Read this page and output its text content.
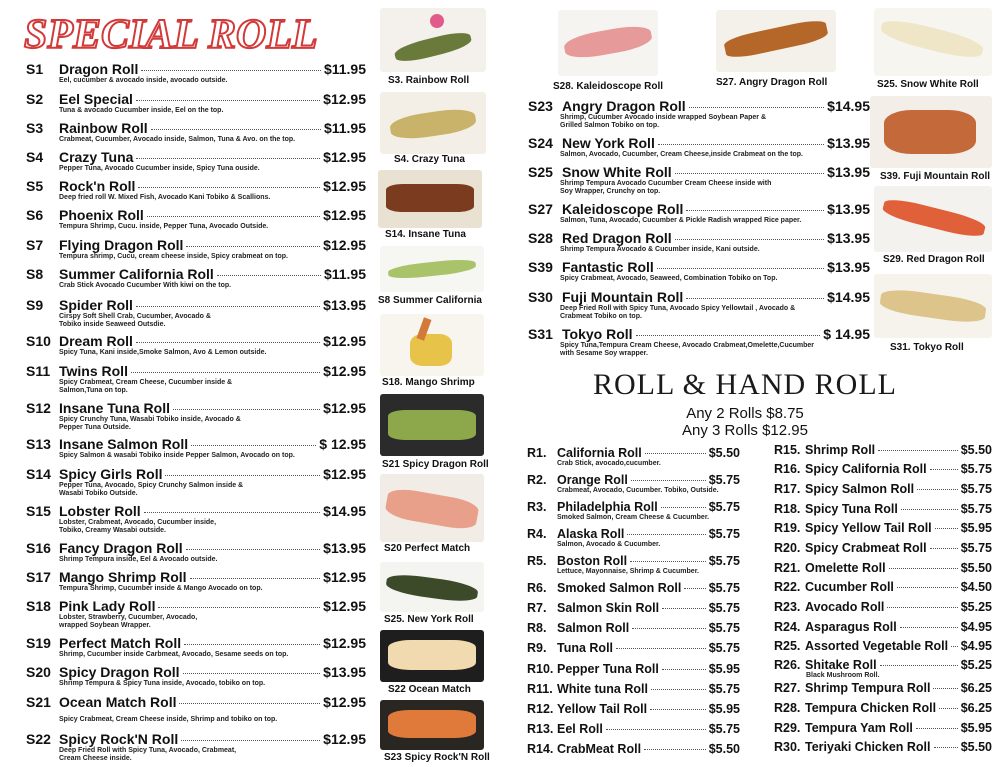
SPECIAL ROLL
S1	Dragon Roll	$11.95
Eel, cucumber & avocado inside, avocado outside.
S2	Eel Special	$12.95
Tuna & avocado Cucumber inside, Eel on the top.
S3	Rainbow Roll	$11.95
Crabmeat, Cucumber, Avocado inside, Salmon, Tuna & Avo. on the top.
S4	Crazy Tuna	$12.95
Pepper Tuna, Avocado Cucumber inside, Spicy Tuna ouside.
S5	Rock'n Roll	$12.95
Deep fried roll W. Mixed Fish, Avocado Kani Tobiko & Scallions.
S6	Phoenix Roll	$12.95
Tempura Shrimp, Cucu. inside, Pepper Tuna, Avocado Outside.
S7	Flying Dragon Roll	$12.95
Tempura shrimp, Cucu, cream cheese inside, Spicy crabmeat on top.
S8	Summer California Roll	$11.95
Crab Stick Avocado Cucumber With kiwi on the top.
S9	Spider Roll	$13.95
Cirspy Soft Shell Crab, Cucumber, Avocado &
Tobiko inside Seaweed Outsdie.
S10 Dream Roll	$12.95
Spicy Tuna, Kani inside,Smoke Salmon, Avo & Lemon outside.
S11 Twins Roll	$12.95
Spicy Crabmeat, Cream Cheese, Cucumber inside &
Salmon,Tuna on top.
S12 Insane Tuna Roll	$12.95
Spicy Crunchy Tuna, Wasabi Tobiko inside, Avocado &
Pepper Tuna Outside.
S13 Insane Salmon Roll	$ 12.95
Spicy Salmon & wasabi Tobiko inside Pepper Salmon, Avocado on top.
S14 Spicy Girls Roll	$12.95
Pepper Tuna, Avocado, Spicy Crunchy Salmon inside &
Wasabi Tobiko Outside.
S15 Lobster Roll	$14.95
Lobster, Crabmeat, Avocado, Cucumber inside,
Tobiko, Creamy Wasabi outside.
S16 Fancy Dragon Roll	$13.95
Shrimp Tempura inside, Eel & Avocado outside.
S17 Mango Shrimp Roll	$12.95
Tempura Shrimp, Cucumber inside & Mango Avocado on top.
S18 Pink Lady Roll	$12.95
Lobster, Strawberry, Cucumber, Avocado,
wrapped Soybean Wrapper.
S19 Perfect Match Roll	$12.95
Shrimp, Cucumber inside Carbmeat, Avocado, Sesame seeds on top.
S20 Spicy Dragon Roll	$13.95
Shrimp Tempura & Spicy Tuna inside, Avocado, tobiko on top.
S21 Ocean Match Roll	$12.95
Spicy Crabmeat, Cream Cheese inside, Shrimp and tobiko on top.
S22 Spicy Rock'N Roll	$12.95
Deep Fried Roll with Spicy Tuna, Avocado, Crabmeat,
Cream Cheese inside.
S3. Rainbow Roll
S4. Crazy Tuna
S14. Insane Tuna
S8 Summer California
S18. Mango Shrimp
S21 Spicy Dragon Roll
S20 Perfect Match
S25. New York Roll
S22 Ocean Match
S23 Spicy Rock'N Roll
S28. Kaleidoscope Roll	S27. Angry Dragon Roll	S25. Snow White Roll
S39. Fuji Mountain Roll
S29. Red Dragon Roll
S31. Tokyo Roll
S23 Angry Dragon Roll	$14.95
Shrimp, Cucumber Avocado inside wrapped Soybean Paper &
Grilled Salmon Tobiko on top.
S24 New York Roll	$13.95
Salmon, Avocado, Cucumber, Cream Cheese,inside Crabmeat on the top.
S25 Snow White Roll	$13.95
Shrimp Tempura Avocado Cucumber Cream Cheese inside with
Soy Wrapper, Crunchy on top.
S27 Kaleidoscope Roll	$13.95
Salmon, Tuna, Avocado, Cucumber & Pickle Radish wrapped Rice paper.
S28 Red Dragon Roll	$13.95
Shrimp Tempura Avocado & Cucumber inside, Kani outside.
S39 Fantastic Roll	$13.95
Spicy Crabmeat, Avocado, Seaweed, Combination Tobiko on Top.
S30 Fuji Mountain Roll	$14.95
Deep Fried Roll with Spicy Tuna, Avocado Spicy Yellowtail , Avocado &
Crabmeat Tobiko on top.
S31 Tokyo Roll	$ 14.95
Spicy Tuna,Tempura Cream Cheese, Avocado Crabmeat,Omelette,Cucumber
with Sesame Soy wrapper.
ROLL & HAND ROLL
Any 2 Rolls $8.75
Any 3 Rolls $12.95
R1. California Roll	$5.50
Crab Stick, avocado,cucumber.
R2. Orange Roll	$5.75
Crabmeat, Avocado, Cucumber. Tobiko, Outside.
R3. Philadelphia Roll	$5.75
Smoked Salmon, Cream Cheese & Cucumber.
R4. Alaska Roll	$5.75
Salmon, Avocado & Cucumber.
R5. Boston Roll	$5.75
Lettuce, Mayonnaise, Shrimp & Cucumber.
R6. Smoked Salmon Roll $5.75
R7. Salmon Skin Roll	$5.75
R8. Salmon Roll	$5.75
R9. Tuna Roll	$5.75
R10. Pepper Tuna Roll	$5.95
R11. White tuna Roll	$5.75
R12. Yellow Tail Roll	$5.95
R13. Eel Roll	$5.75
R14. CrabMeat Roll	$5.50
R15. Shrimp Roll	$5.50
R16. Spicy California Roll	$5.75
R17. Spicy Salmon Roll	$5.75
R18. Spicy Tuna Roll	$5.75
R19. Spicy Yellow Tail Roll $5.95
R20. Spicy Crabmeat Roll	$5.75
R21. Omelette Roll	$5.50
R22. Cucumber Roll	$4.50
R23. Avocado Roll	$5.25
R24. Asparagus Roll	$4.95
R25. Assorted Vegetable Roll $4.95
R26. Shitake Roll	$5.25
Black Mushroom Roll.
R27. Shrimp Tempura Roll $6.25
R28. Tempura Chicken Roll $6.25
R29. Tempura Yam Roll	$5.95
R30. Teriyaki Chicken Roll $5.50
